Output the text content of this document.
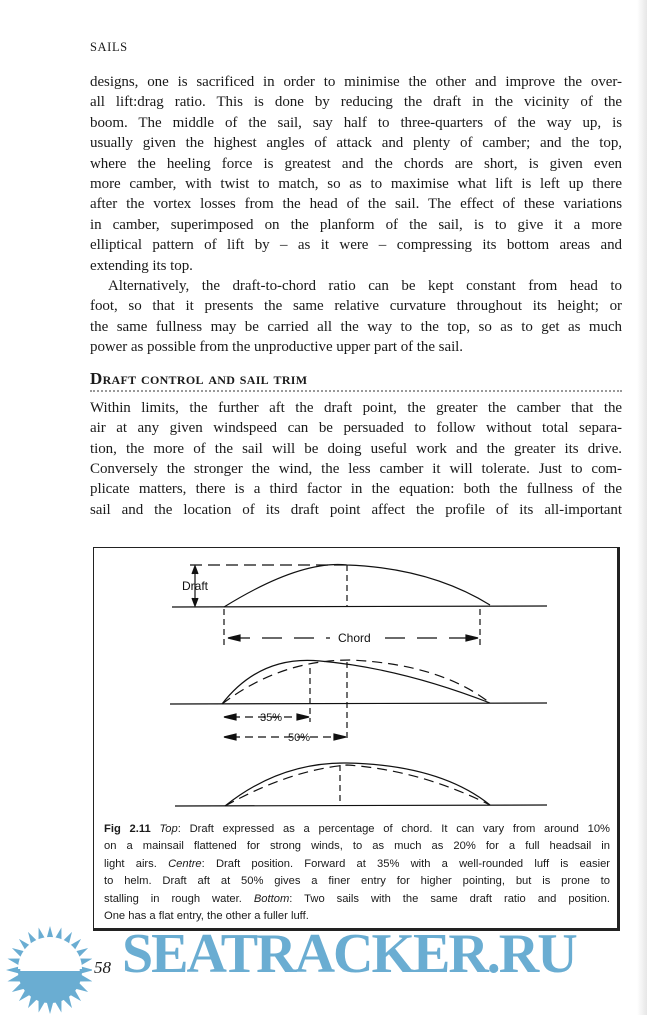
SAILS
designs, one is sacrificed in order to minimise the other and improve the over-
all lift:drag ratio. This is done by reducing the draft in the vicinity of the
boom. The middle of the sail, say half to three-quarters of the way up, is
usually given the highest angles of attack and plenty of camber; and the top,
where the heeling force is greatest and the chords are short, is given even
more camber, with twist to match, so as to maximise what lift is left up there
after the vortex losses from the head of the sail. The effect of these variations
in camber, superimposed on the planform of the sail, is to give it a more
elliptical pattern of lift by – as it were – compressing its bottom areas and
extending its top.
Alternatively, the draft-to-chord ratio can be kept constant from head to
foot, so that it presents the same relative curvature throughout its height; or
the same fullness may be carried all the way to the top, so as to get as much
power as possible from the unproductive upper part of the sail.
Draft control and sail trim
Within limits, the further aft the draft point, the greater the camber that the
air at any given windspeed can be persuaded to follow without total separa-
tion, the more of the sail will be doing useful work and the greater its drive.
Conversely the stronger the wind, the less camber it will tolerate. Just to com-
plicate matters, there is a third factor in the equation: both the fullness of the
sail and the location of its draft point affect the profile of its all-important
Draft
Chord
35%
50%
Fig 2.11 Top: Draft expressed as a percentage of chord. It can vary from around 10%
on a mainsail flattened for strong winds, to as much as 20% for a full headsail in
light airs. Centre: Draft position. Forward at 35% with a well-rounded luff is easier
to helm. Draft aft at 50% gives a finer entry for higher pointing, but is prone to
stalling in rough water. Bottom: Two sails with the same draft ratio and position.
One has a flat entry, the other a fuller luff.
SEATRACKER.RU
58
